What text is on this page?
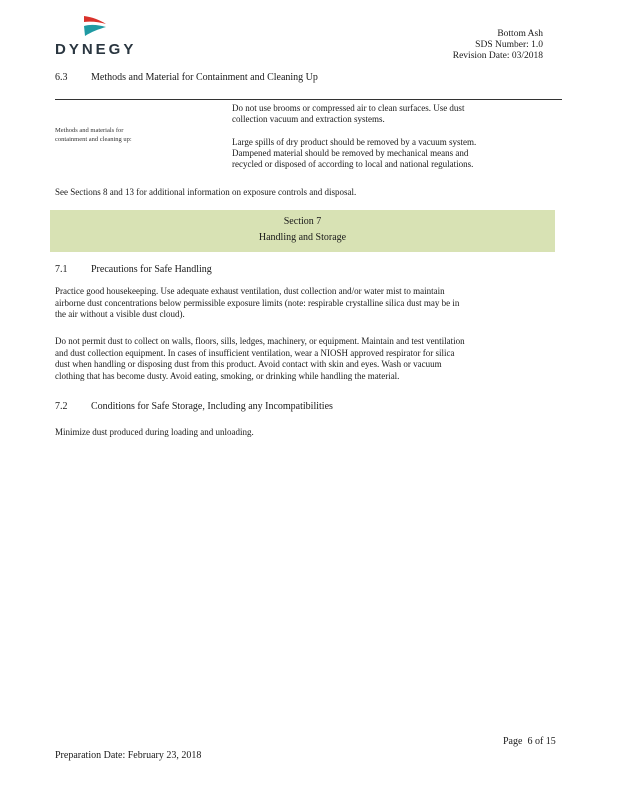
DYNEGY
Bottom Ash
SDS Number: 1.0
Revision Date: 03/2018
6.3 Methods and Material for Containment and Cleaning Up
Methods and materials for
containment and cleaning up:
Do not use brooms or compressed air to clean surfaces. Use dust
collection vacuum and extraction systems.
Large spills of dry product should be removed by a vacuum system.
Dampened material should be removed by mechanical means and
recycled or disposed of according to local and national regulations.
See Sections 8 and 13 for additional information on exposure controls and disposal.
Section 7
Handling and Storage
7.1 Precautions for Safe Handling
Practice good housekeeping. Use adequate exhaust ventilation, dust collection and/or water mist to maintain
airborne dust concentrations below permissible exposure limits (note: respirable crystalline silica dust may be in
the air without a visible dust cloud).
Do not permit dust to collect on walls, floors, sills, ledges, machinery, or equipment. Maintain and test ventilation
and dust collection equipment. In cases of insufficient ventilation, wear a NIOSH approved respirator for silica
dust when handling or disposing dust from this product. Avoid contact with skin and eyes. Wash or vacuum
clothing that has become dusty. Avoid eating, smoking, or drinking while handling the material.
7.2 Conditions for Safe Storage, Including any Incompatibilities
Minimize dust produced during loading and unloading.
Page 6 of 15
Preparation Date: February 23, 2018
